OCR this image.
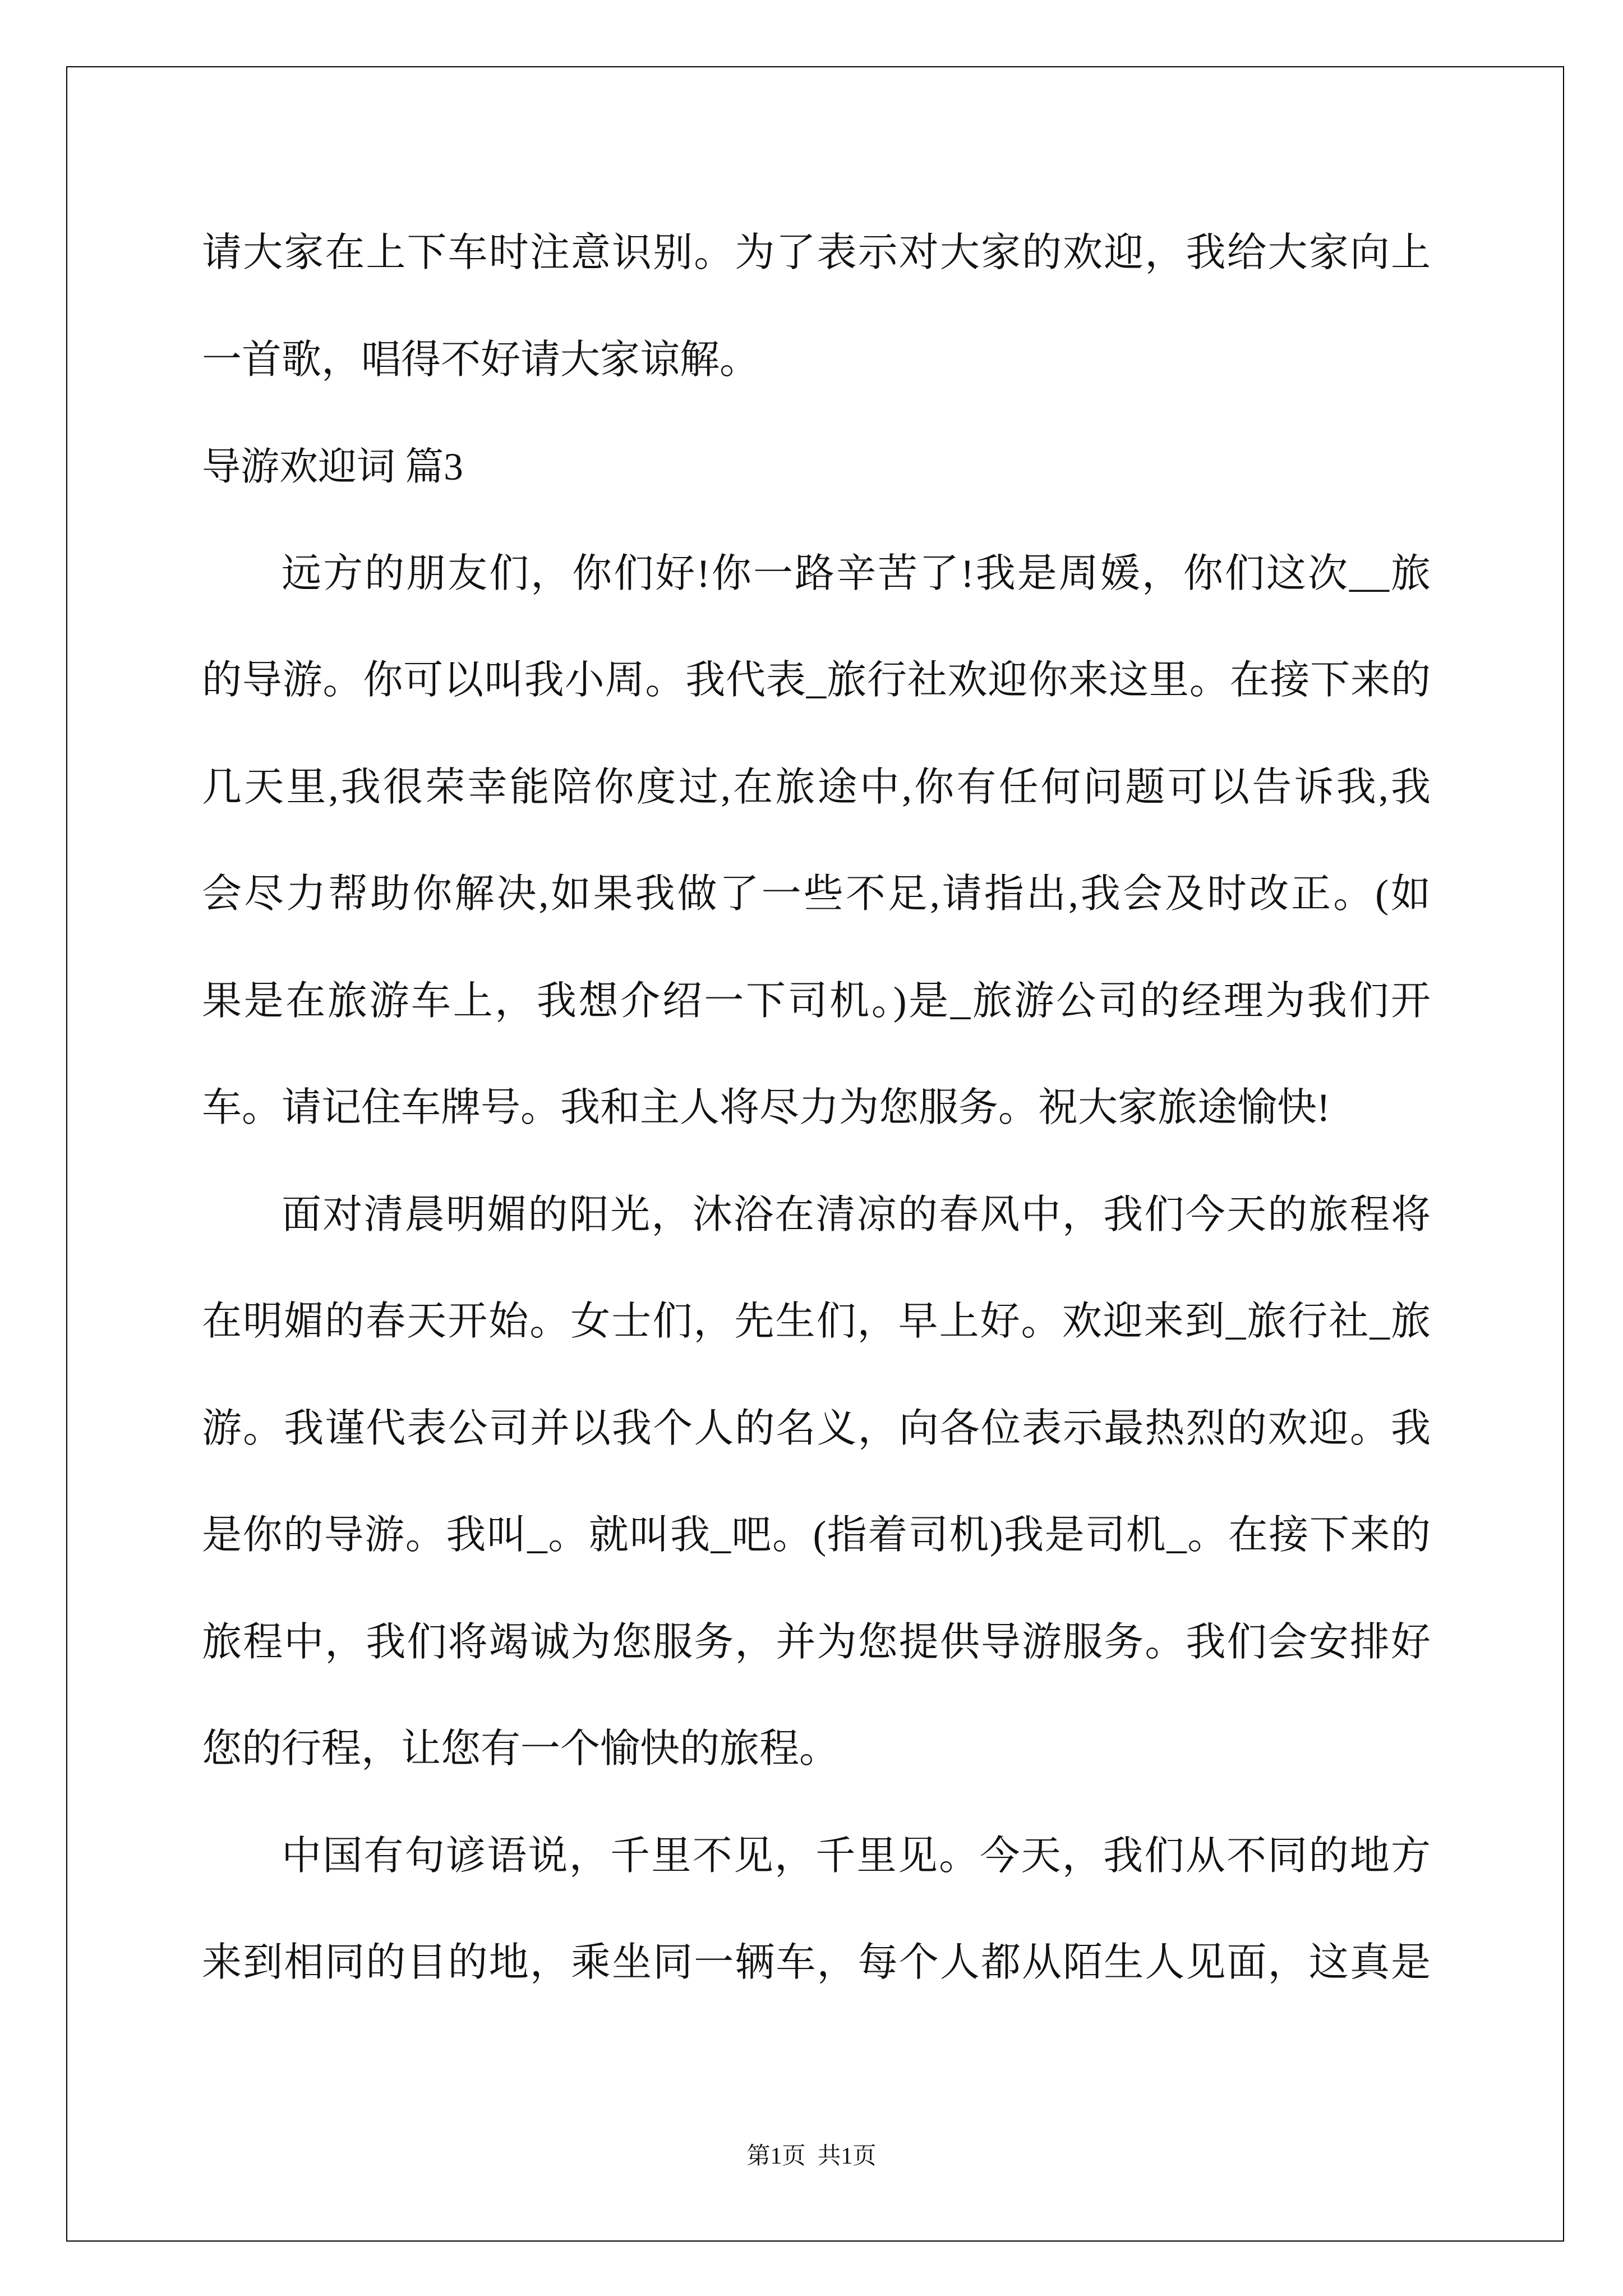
请大家在上下车时注意识别。为了表示对大家的欢迎，我给大家向上
一首歌，唱得不好请大家谅解。
导游欢迎词 篇3
远方的朋友们，你们好!你一路辛苦了!我是周媛，你们这次__旅
的导游。你可以叫我小周。我代表_旅行社欢迎你来这里。在接下来的
几天里,我很荣幸能陪你度过,在旅途中,你有任何问题可以告诉我,我
会尽力帮助你解决,如果我做了一些不足,请指出,我会及时改正。(如
果是在旅游车上，我想介绍一下司机。)是_旅游公司的经理为我们开
车。请记住车牌号。我和主人将尽力为您服务。祝大家旅途愉快!
面对清晨明媚的阳光，沐浴在清凉的春风中，我们今天的旅程将
在明媚的春天开始。女士们，先生们，早上好。欢迎来到_旅行社_旅
游。我谨代表公司并以我个人的名义，向各位表示最热烈的欢迎。我
是你的导游。我叫_。就叫我_吧。(指着司机)我是司机_。在接下来的
旅程中，我们将竭诚为您服务，并为您提供导游服务。我们会安排好
您的行程，让您有一个愉快的旅程。
中国有句谚语说，千里不见，千里见。今天，我们从不同的地方
来到相同的目的地，乘坐同一辆车，每个人都从陌生人见面，这真是
第1页  共1页
